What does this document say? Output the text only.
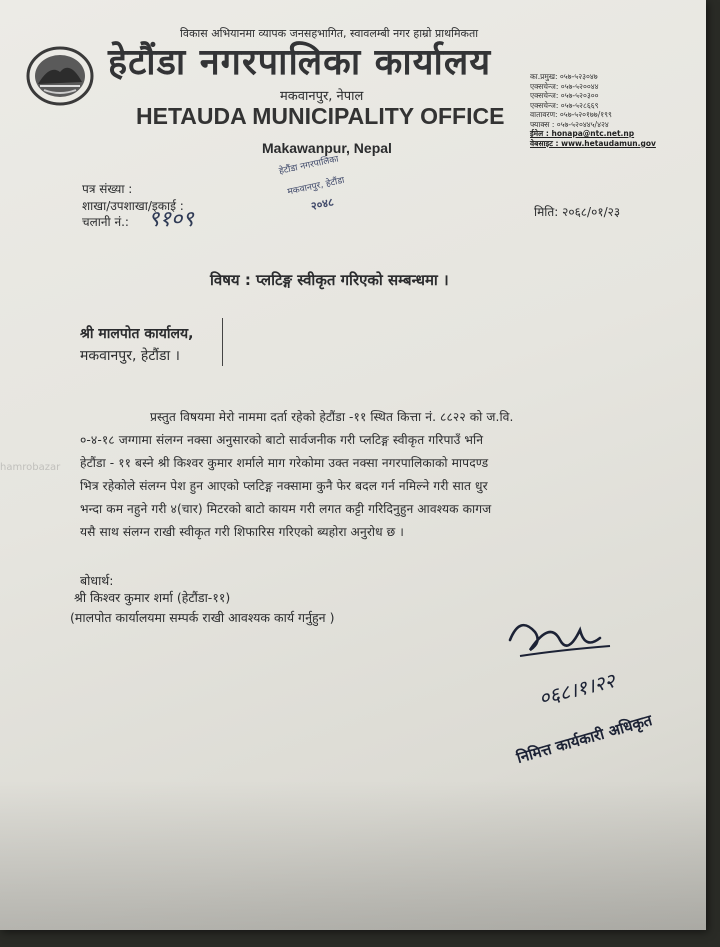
विकास अभियानमा व्यापक जनसहभागित, स्वावलम्बी नगर हाम्रो प्राथमिकता
हेटौंडा नगरपालिका कार्यालय
मकवानपुर, नेपाल
HETAUDA MUNICIPALITY OFFICE
Makawanpur, Nepal
का.प्रमुख: ०५७-५२३०४७
एक्सचेन्ज: ०५७-५२००४४
एक्सचेन्ज: ०५७-५२०३००
एक्सचेन्ज: ०५७-५२८६६९
वातावरण: ०५७-५२०१७७/१९९
फ्याक्स : ०५७-५२०४४५/४२४
ईमेल : honapa@ntc.net.np
वेबसाइट : www.hetaudamun.gov
हेटौंडा नगरपालिका
मकवानपुर, हेटौंडा
२०४८
पत्र संख्या :
शाखा/उपशाखा/इकाई :
चलानी नं.: ९१०९	मिति: २०६८/०१/२३
विषय : प्लटिङ्ग स्वीकृत गरिएको सम्बन्धमा ।
श्री मालपोत कार्यालय,
मकवानपुर, हेटौंडा ।
hamrobazar
प्रस्तुत विषयमा मेरो नाममा दर्ता रहेको हेटौंडा -११ स्थित कित्ता नं. ८८२२ को ज.वि.
०-४-१८ जग्गामा संलग्न नक्सा अनुसारको बाटो सार्वजनीक गरी प्लटिङ्ग स्वीकृत गरिपाउँ भनि
हेटौंडा - ११ बस्ने श्री किश्वर कुमार शर्माले माग गरेकोमा उक्त नक्सा नगरपालिकाको मापदण्ड
भित्र रहेकोले संलग्न पेश हुन आएको प्लटिङ्ग नक्सामा कुनै फेर बदल गर्न नमिल्ने गरी सात धुर
भन्दा कम नहुने गरी ४(चार) मिटरको बाटो कायम गरी लगत कट्टी गरिदिनुहुन आवश्यक कागज
यसै साथ संलग्न राखी स्वीकृत गरी शिफारिस गरिएको ब्यहोरा अनुरोध छ ।
बोधार्थ:
श्री किश्वर कुमार शर्मा (हेटौंडा-११)
(मालपोत कार्यालयमा सम्पर्क राखी आवश्यक कार्य गर्नुहुन )
०६८।१।२२
निमित्त कार्यकारी अधिकृत
